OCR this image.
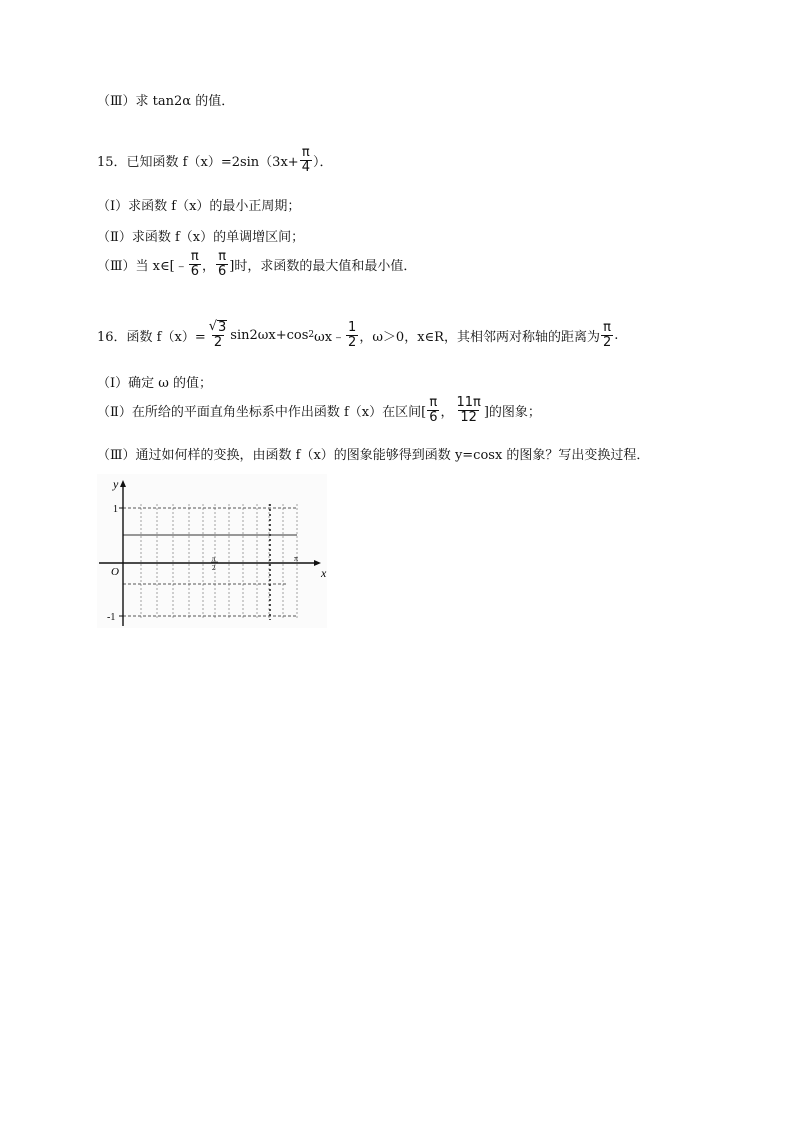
（Ⅲ）求 tan2α 的值．
15．已知函数 $f(x)=2\sin(3x+ \frac{\pi}{4}$ ）．
（Ⅰ）求函数 f（x）的最小正周期；
（Ⅱ）求函数 f（x）的单调增区间；
（Ⅲ）当 x∈[﹣ $\frac{\pi}{6}$ ， $\frac{\pi}{6}$ ]时，求函数的最大值和最小值．
16．函数 $f(x)= \frac{√ 3}{2} \sin 2\omega x+\cos$ 2 ωx﹣ $\frac{1}{2}$ ，ω＞0，x∈R，其相邻两对称轴的距离为 $\frac{\pi}{2}$ .
（Ⅰ）确定 ω 的值；
（Ⅱ）在所给的平面直角坐标系中作出函数 f（x）在区间[ $\frac{\pi}{6}$ ， $\frac{11\pi}{12}$ ]的图象；
（Ⅲ）通过如何样的变换，由函数 f（x）的图象能够得到函数 y=cosx 的图象？写出变换过程．
y
x
O
1
-1
π
2
π
